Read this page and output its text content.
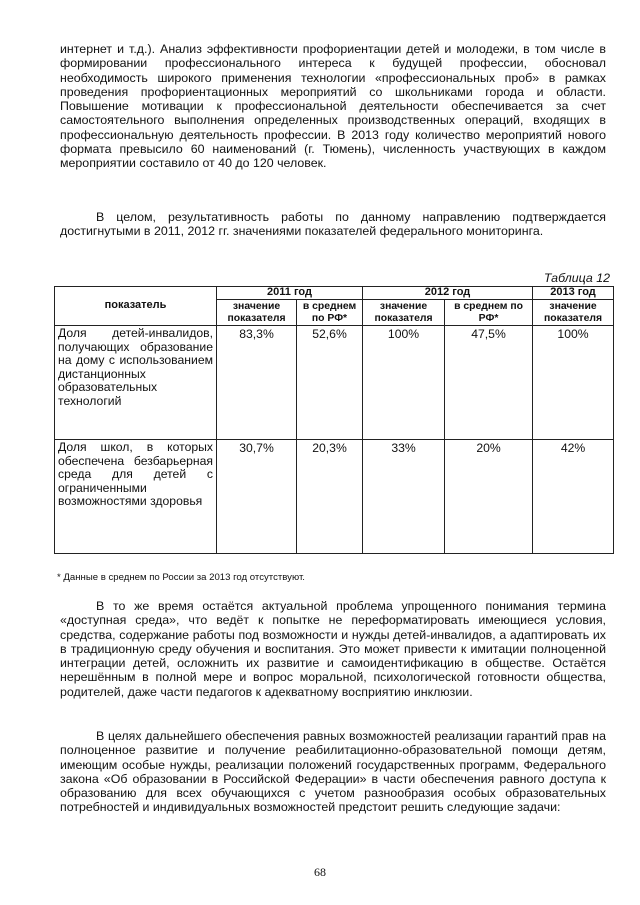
интернет и т.д.). Анализ эффективности профориентации детей и молодежи, в том числе в формировании профессионального интереса к будущей профессии, обосновал необходимость широкого применения технологии «профессиональных проб» в рамках проведения профориентационных мероприятий со школьниками города и области. Повышение мотивации к профессиональной деятельности обеспечивается за счет самостоятельного выполнения определенных производственных операций, входящих в профессиональную деятельность профессии. В 2013 году количество мероприятий нового формата превысило 60 наименований (г. Тюмень), численность участвующих в каждом мероприятии составило от 40 до 120 человек.

В целом, результативность работы по данному направлению подтверждается достигнутыми в 2011, 2012 гг. значениями показателей федерального мониторинга.

Таблица 12
показатель	2011 год		2012 год		2013 год
	значение показателя	в среднем по РФ*	значение показателя	в среднем по РФ*	значение показателя
Доля детей-инвалидов, получающих образование на дому с использованием дистанционных образовательных технологий	83,3%	52,6%	100%	47,5%	100%
Доля школ, в которых обеспечена безбарьерная среда для детей с ограниченными возможностями здоровья	30,7%	20,3%	33%	20%	42%
* Данные в среднем по России за 2013 год отсутствуют.

В то же время остаётся актуальной проблема упрощенного понимания термина «доступная среда», что ведёт к попытке не переформатировать имеющиеся условия, средства, содержание работы под возможности и нужды детей-инвалидов, а адаптировать их в традиционную среду обучения и воспитания. Это может привести к имитации полноценной интеграции детей, осложнить их развитие и самоидентификацию в обществе. Остаётся нерешённым в полной мере и вопрос моральной, психологической готовности общества, родителей, даже части педагогов к адекватному восприятию инклюзии.

В целях дальнейшего обеспечения равных возможностей реализации гарантий прав на полноценное развитие и получение реабилитационно-образовательной помощи детям, имеющим особые нужды, реализации положений государственных программ, Федерального закона «Об образовании в Российской Федерации» в части обеспечения равного доступа к образованию для всех обучающихся с учетом разнообразия особых образовательных потребностей и индивидуальных возможностей предстоит решить следующие задачи:

68
